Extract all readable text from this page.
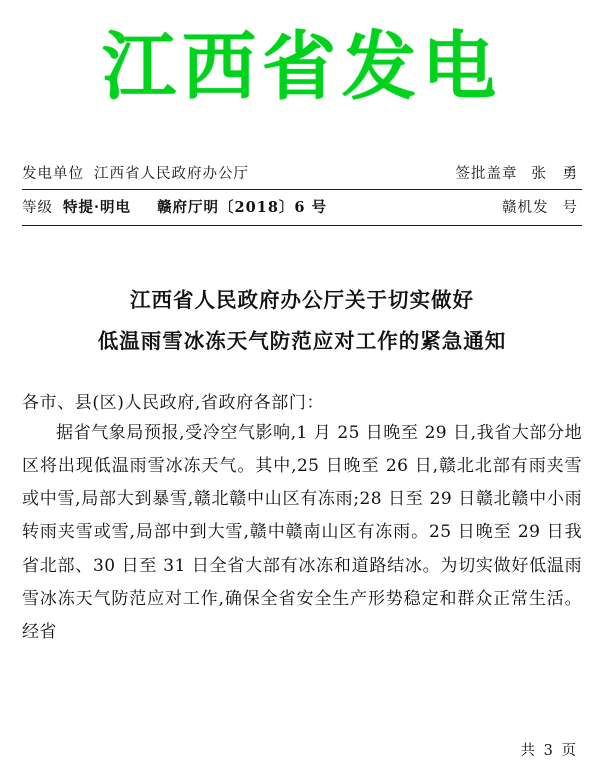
江西省发电
发电单位 江西省人民政府办公厅	签批盖章 张　勇
等级 特提·明电 赣府厅明〔2018〕6 号	赣机发 号
江西省人民政府办公厅关于切实做好
低温雨雪冰冻天气防范应对工作的紧急通知
各市、县(区)人民政府,省政府各部门：
据省气象局预报,受冷空气影响,1 月 25 日晚至 29 日,我省大部分地区将出现低温雨雪冰冻天气。其中,25 日晚至 26 日,赣北北部有雨夹雪或中雪,局部大到暴雪,赣北赣中山区有冻雨;28 日至 29 日赣北赣中小雨转雨夹雪或雪,局部中到大雪,赣中赣南山区有冻雨。25 日晚至 29 日我省北部、30 日至 31 日全省大部有冰冻和道路结冰。为切实做好低温雨雪冰冻天气防范应对工作,确保全省安全生产形势稳定和群众正常生活。经省
共 3 页
